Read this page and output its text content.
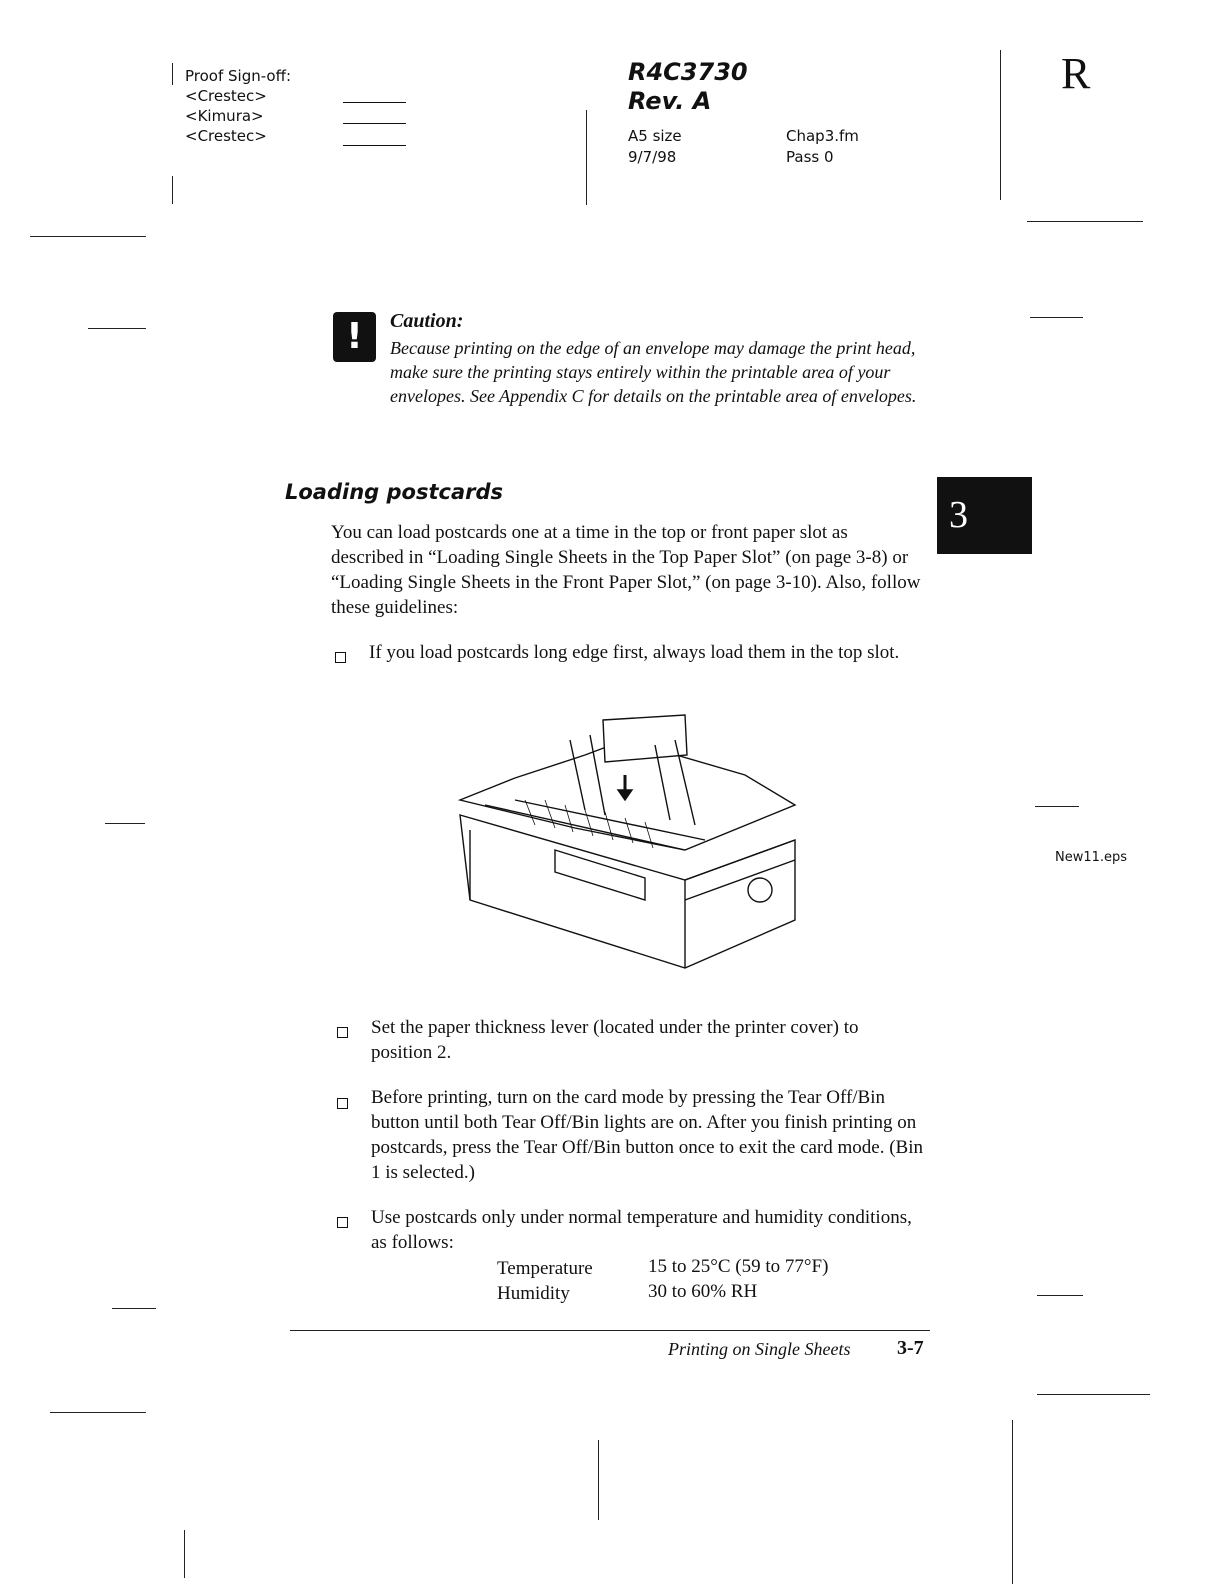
Proof Sign-off:
<Crestec>
<Kimura>
<Crestec>
R4C3730
Rev. A
A5 size
9/7/98
Chap3.fm
Pass 0
R
!	Caution:
Because printing on the edge of an envelope may damage the print head, make sure the printing stays entirely within the printable area of your envelopes. See Appendix C for details on the printable area of envelopes.
Loading postcards
You can load postcards one at a time in the top or front paper slot as described in “Loading Single Sheets in the Top Paper Slot” (on page 3-8) or “Loading Single Sheets in the Front Paper Slot,” (on page 3-10). Also, follow these guidelines:
3
If you load postcards long edge first, always load them in the top slot.
New11.eps
Set the paper thickness lever (located under the printer cover) to position 2.
Before printing, turn on the card mode by pressing the Tear Off/Bin button until both Tear Off/Bin lights are on. After you finish printing on postcards, press the Tear Off/Bin button once to exit the card mode. (Bin 1 is selected.)
Use postcards only under normal temperature and humidity conditions, as follows:
Temperature	15 to 25°C (59 to 77°F)
Humidity	30 to 60% RH
Printing on Single Sheets 3-7
